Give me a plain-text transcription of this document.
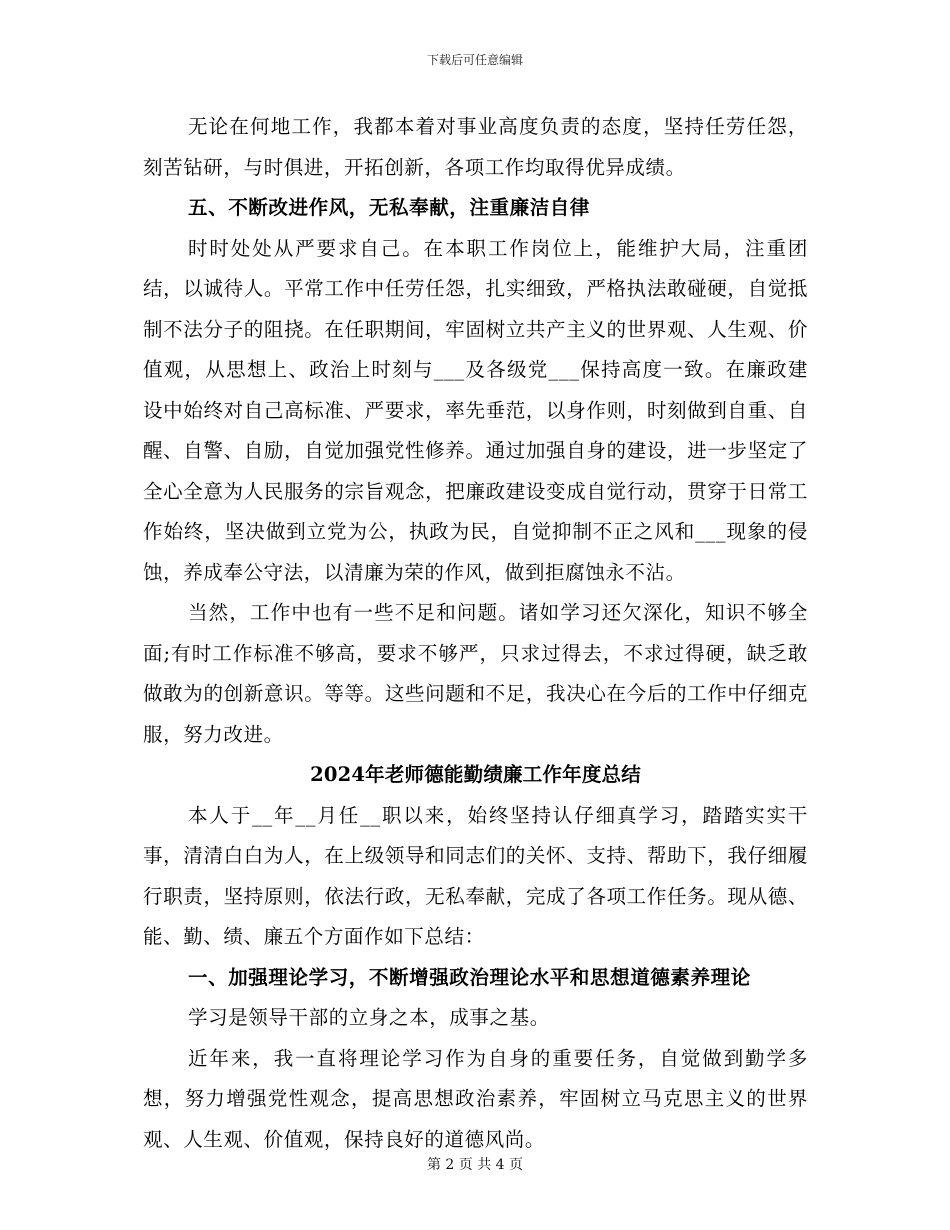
下载后可任意编辑

无论在何地工作，我都本着对事业高度负责的态度，坚持任劳任怨，刻苦钻研，与时俱进，开拓创新，各项工作均取得优异成绩。

五、不断改进作风，无私奉献，注重廉洁自律

时时处处从严要求自己。在本职工作岗位上，能维护大局，注重团结，以诚待人。平常工作中任劳任怨，扎实细致，严格执法敢碰硬，自觉抵制不法分子的阻挠。在任职期间，牢固树立共产主义的世界观、人生观、价值观，从思想上、政治上时刻与___及各级党___保持高度一致。在廉政建设中始终对自己高标准、严要求，率先垂范，以身作则，时刻做到自重、自醒、自警、自励，自觉加强党性修养。通过加强自身的建设，进一步坚定了全心全意为人民服务的宗旨观念，把廉政建设变成自觉行动，贯穿于日常工作始终，坚决做到立党为公，执政为民，自觉抑制不正之风和___现象的侵蚀，养成奉公守法，以清廉为荣的作风，做到拒腐蚀永不沾。

当然，工作中也有一些不足和问题。诸如学习还欠深化，知识不够全面;有时工作标准不够高，要求不够严，只求过得去，不求过得硬，缺乏敢做敢为的创新意识。等等。这些问题和不足，我决心在今后的工作中仔细克服，努力改进。

2024年老师德能勤绩廉工作年度总结

本人于__年__月任__职以来，始终坚持认仔细真学习，踏踏实实干事，清清白白为人，在上级领导和同志们的关怀、支持、帮助下，我仔细履行职责，坚持原则，依法行政，无私奉献，完成了各项工作任务。现从德、能、勤、绩、廉五个方面作如下总结：

一、加强理论学习，不断增强政治理论水平和思想道德素养理论

学习是领导干部的立身之本，成事之基。

近年来，我一直将理论学习作为自身的重要任务，自觉做到勤学多想，努力增强党性观念，提高思想政治素养，牢固树立马克思主义的世界观、人生观、价值观，保持良好的道德风尚。

第 2 页 共 4 页
